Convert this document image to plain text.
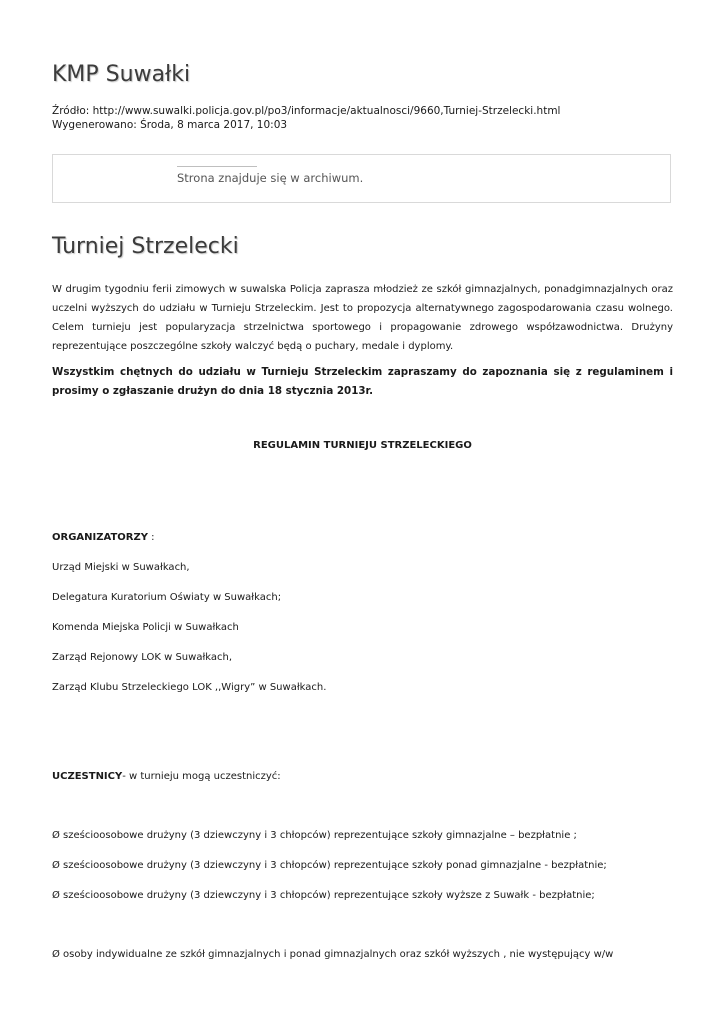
KMP Suwałki
Źródło: http://www.suwalki.policja.gov.pl/po3/informacje/aktualnosci/9660,Turniej-Strzelecki.html
Wygenerowano: Środa, 8 marca 2017, 10:03
Strona znajduje się w archiwum.
Turniej Strzelecki

W drugim tygodniu ferii zimowych w suwalska Policja zaprasza młodzież ze szkół gimnazjalnych, ponadgimnazjalnych oraz uczelni wyższych do udziału w Turnieju Strzeleckim. Jest to propozycja alternatywnego zagospodarowania czasu wolnego. Celem turnieju jest popularyzacja strzelnictwa sportowego i propagowanie zdrowego współzawodnictwa. Drużyny reprezentujące poszczególne szkoły walczyć będą o puchary, medale i dyplomy.

Wszystkim chętnych do udziału w Turnieju Strzeleckim zapraszamy do zapoznania się z regulaminem i prosimy o zgłaszanie drużyn do dnia 18 stycznia 2013r.

REGULAMIN TURNIEJU STRZELECKIEGO
ORGANIZATORZY :
Urząd Miejski w Suwałkach,
Delegatura Kuratorium Oświaty w Suwałkach;
Komenda Miejska Policji w Suwałkach
Zarząd Rejonowy LOK w Suwałkach,
Zarząd Klubu Strzeleckiego LOK ,,Wigry” w Suwałkach.
UCZESTNICY- w turnieju mogą uczestniczyć:
Ø sześcioosobowe drużyny (3 dziewczyny i 3 chłopców) reprezentujące szkoły gimnazjalne – bezpłatnie ;
Ø sześcioosobowe drużyny (3 dziewczyny i 3 chłopców) reprezentujące szkoły ponad gimnazjalne - bezpłatnie;
Ø sześcioosobowe drużyny (3 dziewczyny i 3 chłopców) reprezentujące szkoły wyższe z Suwałk - bezpłatnie;
Ø osoby indywidualne ze szkół gimnazjalnych i ponad gimnazjalnych oraz szkół wyższych , nie występujący w/w
